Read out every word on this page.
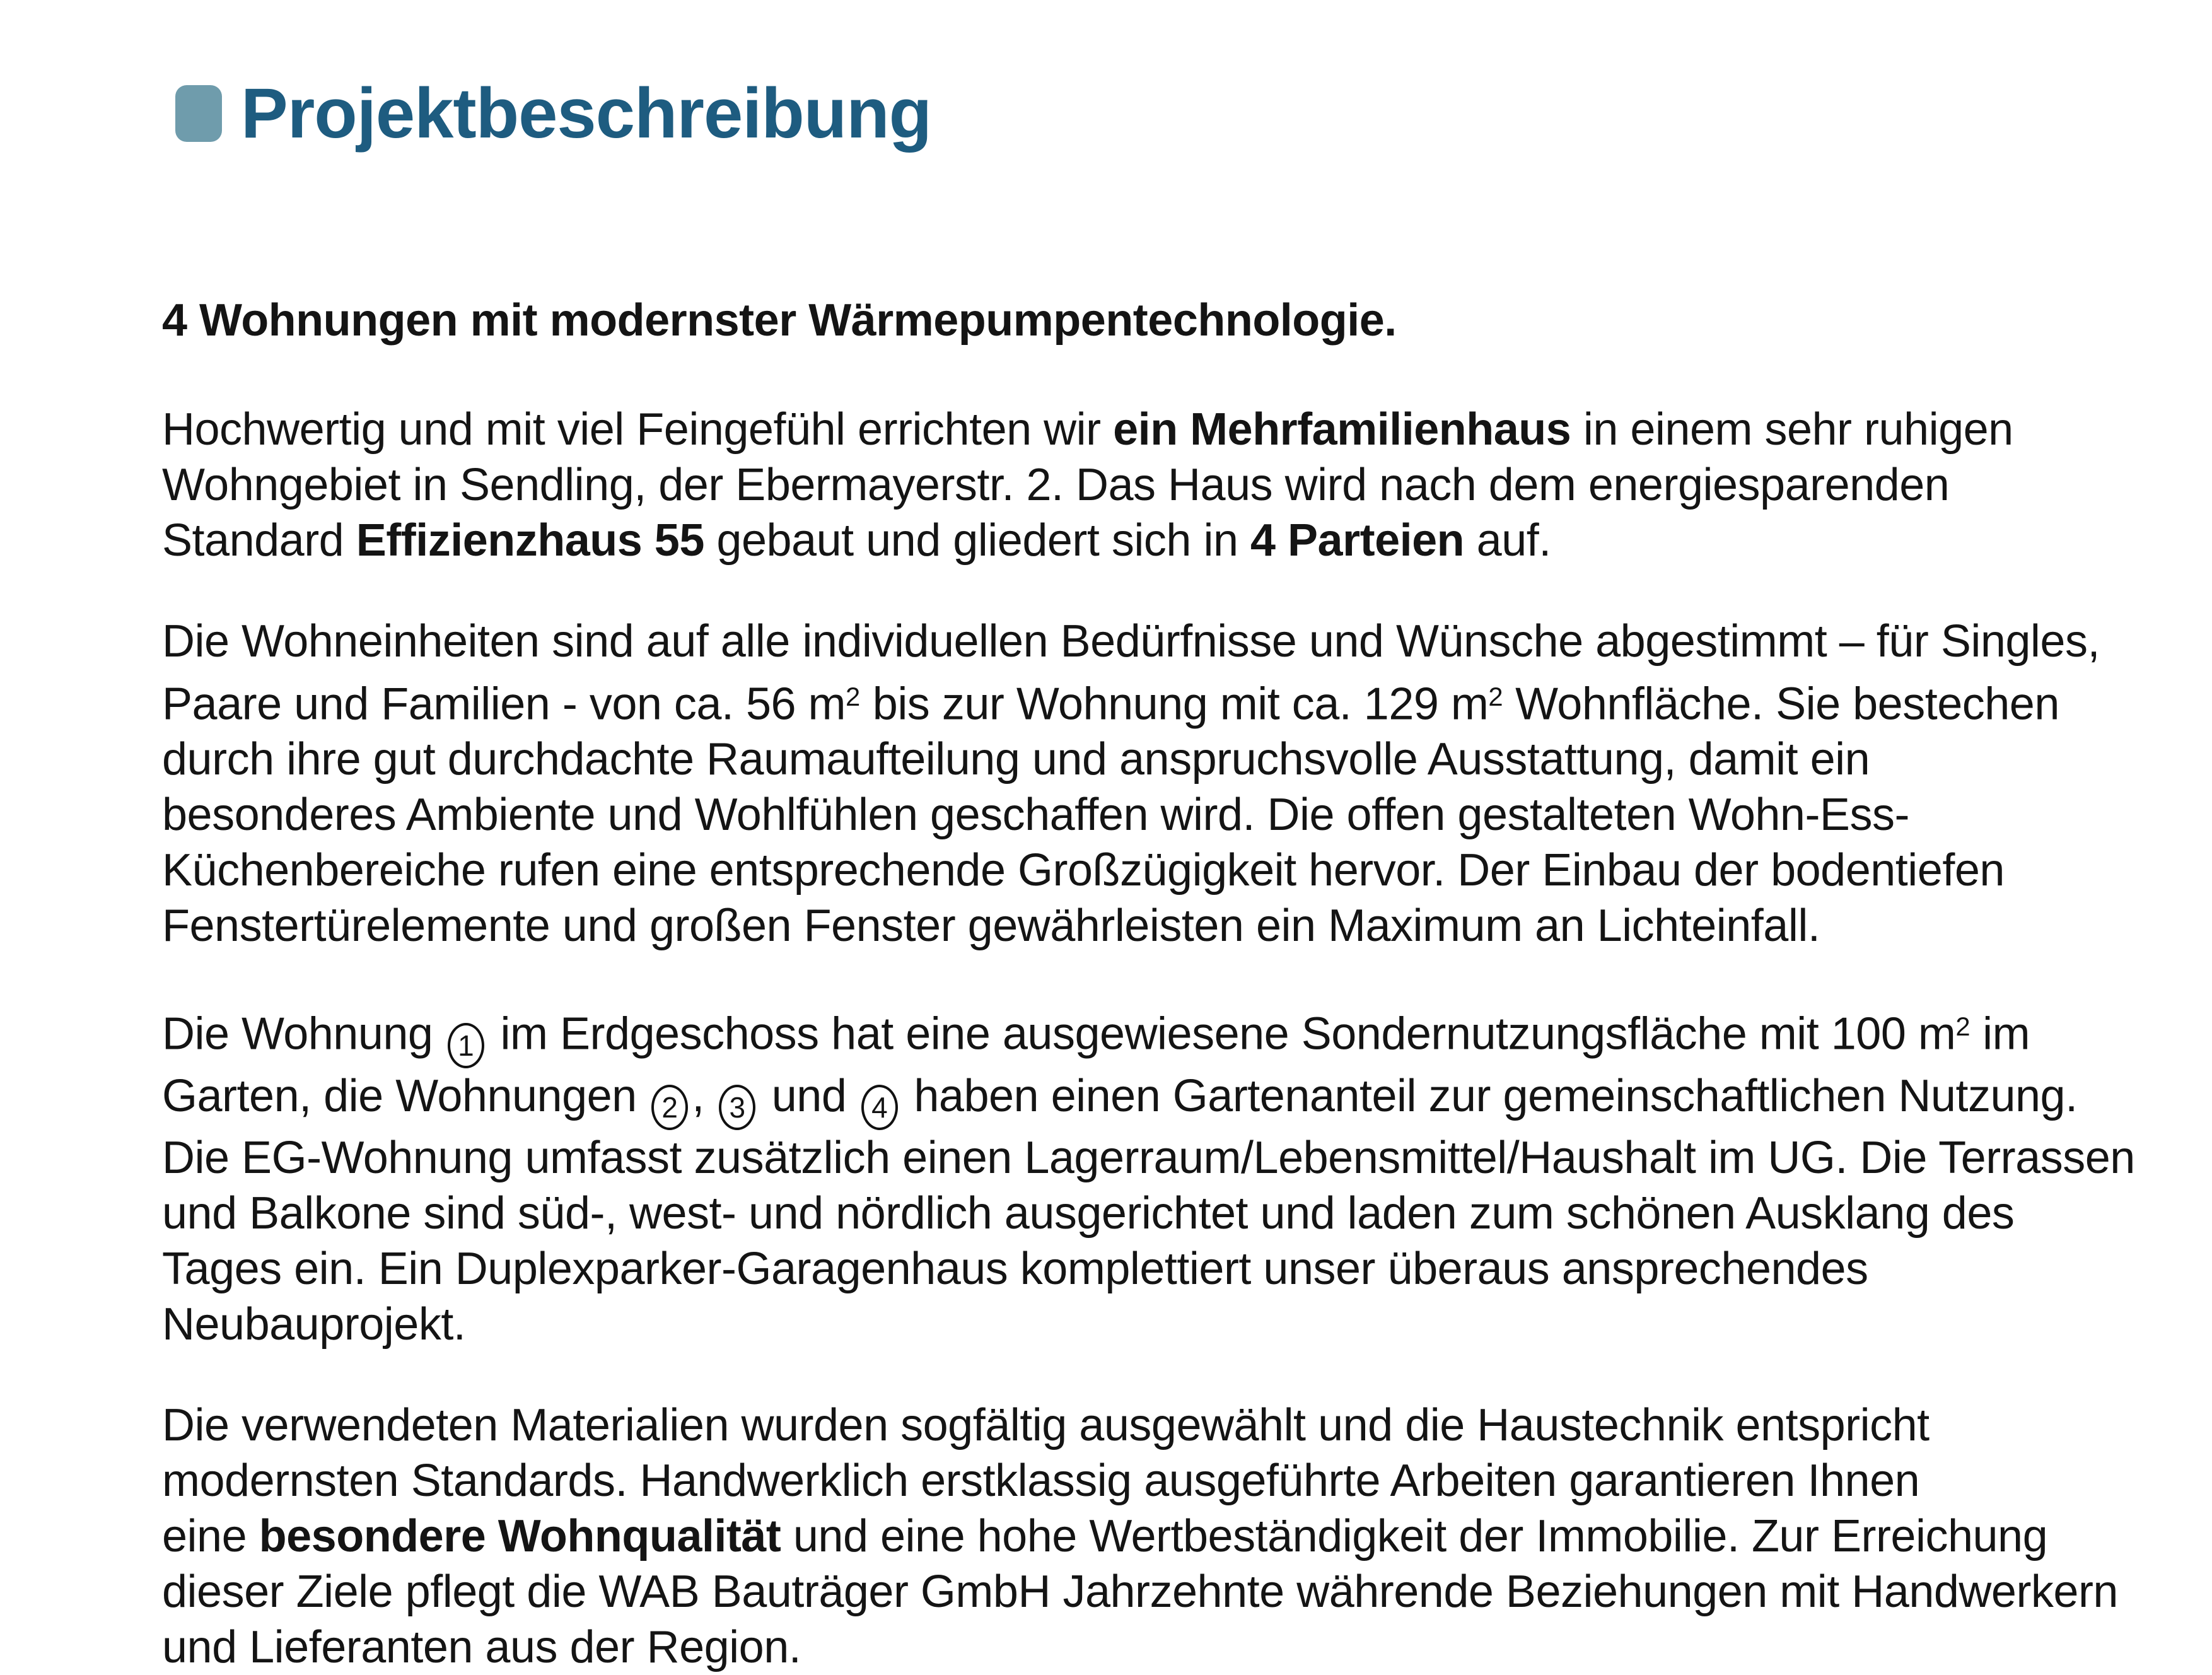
Projektbeschreibung
4 Wohnungen mit modernster Wärmepumpentechnologie.
Hochwertig und mit viel Feingefühl errichten wir ein Mehrfamilienhaus in einem sehr ruhigen
Wohngebiet in Sendling, der Ebermayerstr. 2. Das Haus wird nach dem energiesparenden
Standard Effizienzhaus 55 gebaut und gliedert sich in 4 Parteien auf.
Die Wohneinheiten sind auf alle individuellen Bedürfnisse und Wünsche abgestimmt – für Singles,
Paare und Familien - von ca. 56 $m^2$ bis zur Wohnung mit ca. 129 $m^2$ Wohnfläche. Sie bestechen
durch ihre gut durchdachte Raumaufteilung und anspruchsvolle Ausstattung, damit ein
besonderes Ambiente und Wohlfühlen geschaffen wird. Die offen gestalteten Wohn-Ess-
Küchenbereiche rufen eine entsprechende Großzügigkeit hervor. Der Einbau der bodentiefen
Fenstertürelemente und großen Fenster gewährleisten ein Maximum an Lichteinfall.
Die Wohnung 1 im Erdgeschoss hat eine ausgewiesene Sondernutzungsfläche mit 100 $m^2$ im
Garten, die Wohnungen 2 , 3 und 4 haben einen Gartenanteil zur gemeinschaftlichen Nutzung.
Die EG-Wohnung umfasst zusätzlich einen Lagerraum/Lebensmittel/Haushalt im UG. Die Terrassen
und Balkone sind süd-, west- und nördlich ausgerichtet und laden zum schönen Ausklang des
Tages ein. Ein Duplexparker-Garagenhaus komplettiert unser überaus ansprechendes
Neubauprojekt.
Die verwendeten Materialien wurden sogfältig ausgewählt und die Haustechnik entspricht
modernsten Standards. Handwerklich erstklassig ausgeführte Arbeiten garantieren Ihnen
eine besondere Wohnqualität und eine hohe Wertbeständigkeit der Immobilie. Zur Erreichung
dieser Ziele pflegt die WAB Bauträger GmbH Jahrzehnte währende Beziehungen mit Handwerkern
und Lieferanten aus der Region.
